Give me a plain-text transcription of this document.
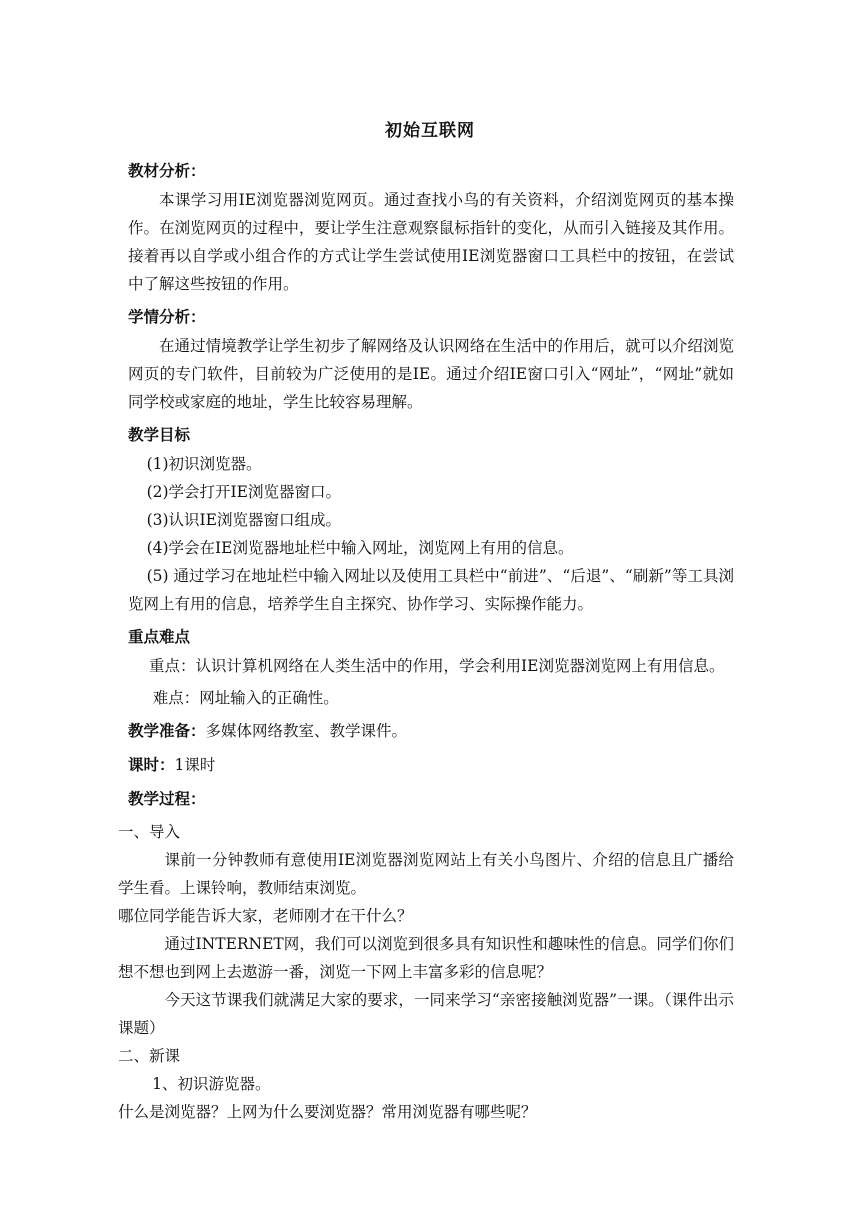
初始互联网
教材分析：
本课学习用IE浏览器浏览网页。通过查找小鸟的有关资料，介绍浏览网页的基本操作。在浏览网页的过程中，要让学生注意观察鼠标指针的变化，从而引入链接及其作用。接着再以自学或小组合作的方式让学生尝试使用IE浏览器窗口工具栏中的按钮，在尝试中了解这些按钮的作用。
学情分析：
在通过情境教学让学生初步了解网络及认识网络在生活中的作用后，就可以介绍浏览网页的专门软件，目前较为广泛使用的是IE。通过介绍IE窗口引入“网址”，“网址”就如同学校或家庭的地址，学生比较容易理解。
教学目标
(1)初识浏览器。
(2)学会打开IE浏览器窗口。
(3)认识IE浏览器窗口组成。
(4)学会在IE浏览器地址栏中输入网址，浏览网上有用的信息。
(5) 通过学习在地址栏中输入网址以及使用工具栏中“前进”、“后退”、“刷新”等工具浏览网上有用的信息，培养学生自主探究、协作学习、实际操作能力。
重点难点
重点：认识计算机网络在人类生活中的作用，学会利用IE浏览器浏览网上有用信息。
难点：网址输入的正确性。
教学准备：多媒体网络教室、教学课件。
课时：1课时
教学过程：
一、导入
课前一分钟教师有意使用IE浏览器浏览网站上有关小鸟图片、介绍的信息且广播给学生看。上课铃响，教师结束浏览。
哪位同学能告诉大家，老师刚才在干什么？
通过INTERNET网，我们可以浏览到很多具有知识性和趣味性的信息。同学们你们想不想也到网上去遨游一番，浏览一下网上丰富多彩的信息呢？
今天这节课我们就满足大家的要求，一同来学习“亲密接触浏览器”一课。（课件出示课题）
二、新课
1、初识游览器。
什么是浏览器？上网为什么要浏览器？常用浏览器有哪些呢？
